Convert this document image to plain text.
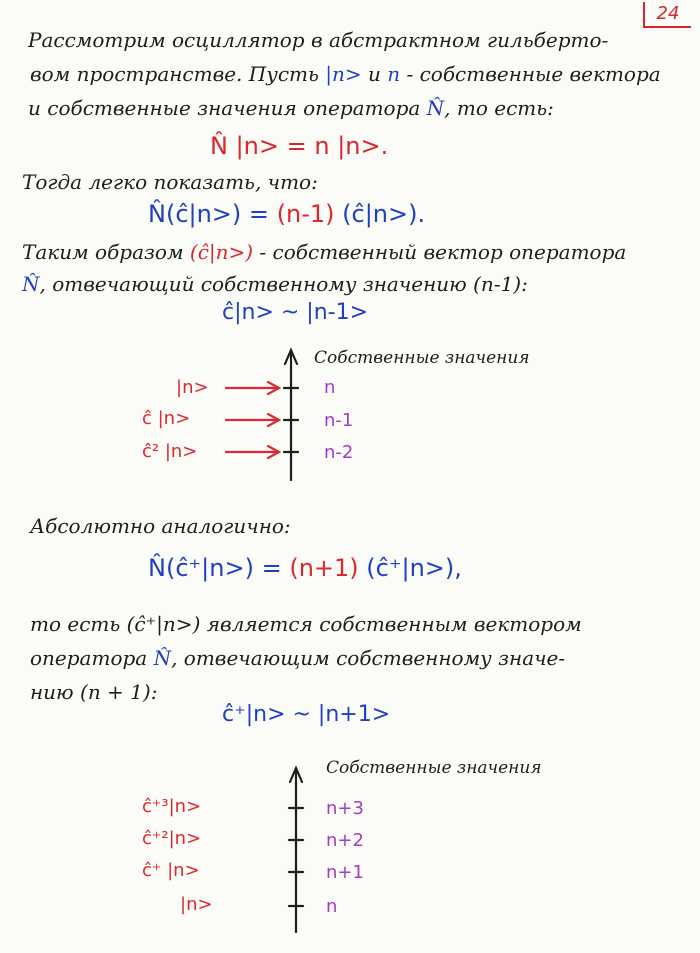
24
Рассмотрим осциллятор в абстрактном гильберто-
вом пространстве. Пусть |n> и n - собственные вектора
и собственные значения оператора N̂, то есть:
N̂ |n> = n |n>.
Тогда легко показать, что:
N̂(ĉ|n>) = (n-1) (ĉ|n>).
Таким образом (ĉ|n>) - собственный вектор оператора
N̂, отвечающий собственному значению (n-1):
ĉ|n> ~ |n-1>
Собственные значения
|n>
ĉ |n>
ĉ² |n>
n
n-1
n-2
Абсолютно аналогично:
N̂(ĉ⁺|n>) = (n+1) (ĉ⁺|n>),
то есть (ĉ⁺|n>) является собственным вектором
оператора N̂, отвечающим собственному значе-
нию (n + 1):
ĉ⁺|n> ~ |n+1>
Собственные значения
ĉ⁺³|n>
ĉ⁺²|n>
ĉ⁺ |n>
|n>
n+3
n+2
n+1
n
